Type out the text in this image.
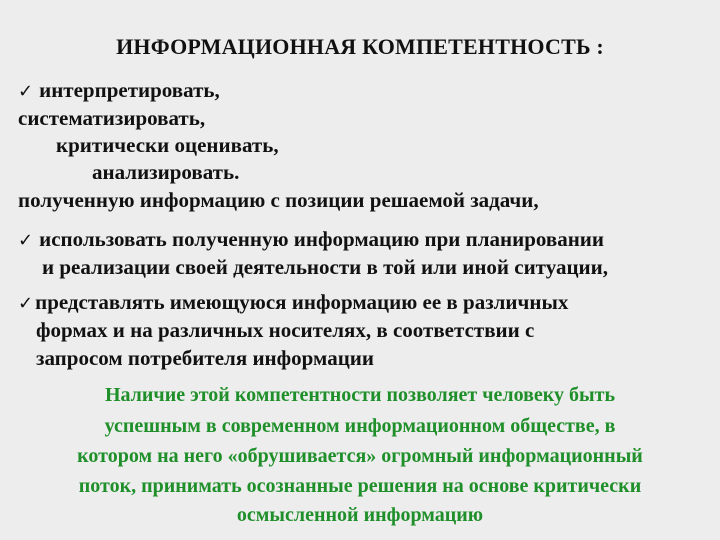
ИНФОРМАЦИОННАЯ КОМПЕТЕНТНОСТЬ :
✓ интерпретировать,
систематизировать,
критически оценивать,
анализировать.
полученную информацию с позиции решаемой задачи,
✓ использовать полученную информацию при планировании
и реализации своей деятельности в той или иной ситуации,
✓представлять имеющуюся информацию ее в различных
формах и на различных носителях, в соответствии с
запросом потребителя информации
Наличие этой компетентности позволяет человеку быть
успешным в современном информационном обществе, в
котором на него «обрушивается» огромный информационный
поток, принимать осознанные решения на основе критически
осмысленной информацию
